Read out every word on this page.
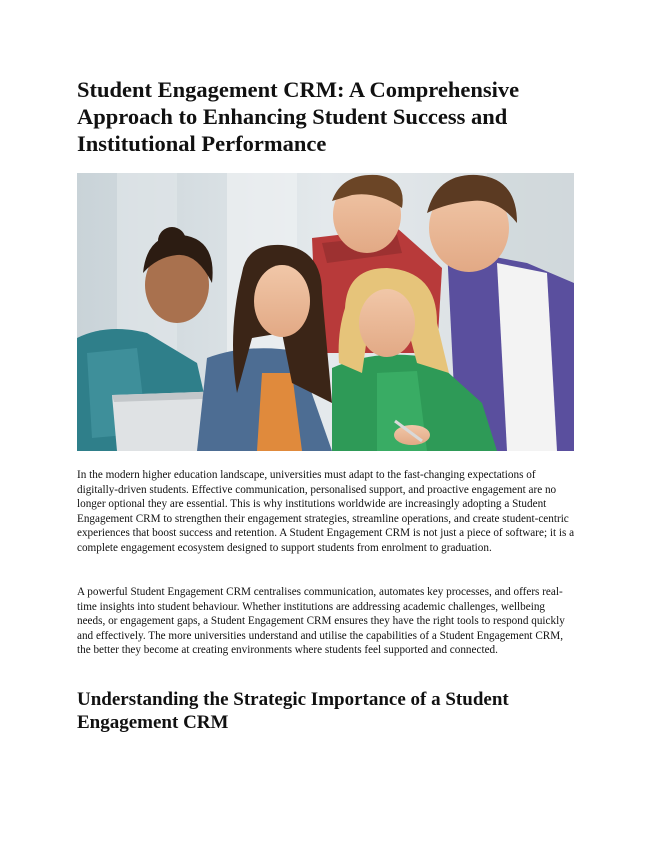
Student Engagement CRM: A Comprehensive Approach to Enhancing Student Success and Institutional Performance

In the modern higher education landscape, universities must adapt to the fast-changing expectations of digitally-driven students. Effective communication, personalised support, and proactive engagement are no longer optional they are essential. This is why institutions worldwide are increasingly adopting a Student Engagement CRM to strengthen their engagement strategies, streamline operations, and create student-centric experiences that boost success and retention. A Student Engagement CRM is not just a piece of software; it is a complete engagement ecosystem designed to support students from enrolment to graduation.

A powerful Student Engagement CRM centralises communication, automates key processes, and offers real-time insights into student behaviour. Whether institutions are addressing academic challenges, wellbeing needs, or engagement gaps, a Student Engagement CRM ensures they have the right tools to respond quickly and effectively. The more universities understand and utilise the capabilities of a Student Engagement CRM, the better they become at creating environments where students feel supported and connected.

Understanding the Strategic Importance of a Student Engagement CRM
